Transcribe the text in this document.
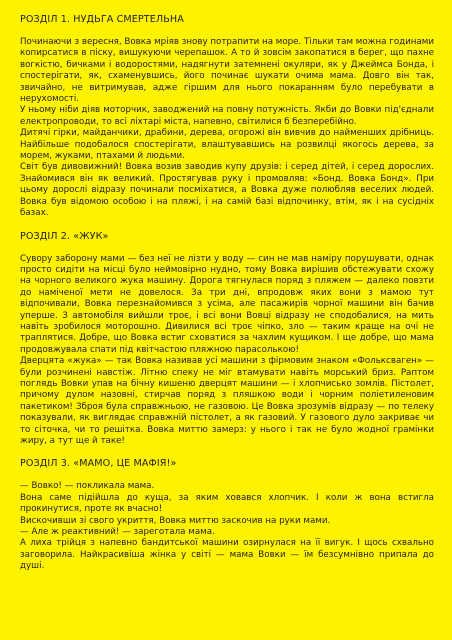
РОЗДІЛ 1. НУДЬГА СМЕРТЕЛЬНА

Починаючи з вересня, Вовка мріяв знову потрапити на море. Тільки там можна годинами копирсатися в піску, вишукуючи черепашок. А то й зовсім закопатися в берег, що пахне вогкістю, бичками і водоростями, надягнути затемнені окуляри, як у Джеймса Бонда, і спостерігати, як, схаменувшись, його починає шукати очима мама. Довго він так, звичайно, не витримував, адже гіршим для нього покаранням було перебувати в нерухомості.

У ньому ніби діяв моторчик, заводжений на повну потужність. Якби до Вовки під'єднали електропроводи, то всі ліхтарі міста, напевно, світилися б безперебійно.

Дитячі гірки, майданчики, драбини, дерева, огорожі він вивчив до найменших дрібниць. Найбільше подобалося спостерігати, влаштувавшись на розвилці якогось дерева, за морем, жуками, птахами й людьми.

Світ був дивовижний! Вовка возив заводив купу друзів: і серед дітей, і серед дорослих. Знайомився він як великий. Простягував руку і промовляв: «Бонд. Вовка Бонд». При цьому дорослі відразу починали посміхатися, а Вовка дуже полюбляв веселих людей. Вовка був відомою особою і на пляжі, і на самій базі відпочинку, втім, як і на сусідніх базах.

РОЗДІЛ 2. «ЖУК»

Сувору заборону мами — без неї не лізти у воду — син не мав наміру порушувати, однак просто сидіти на місці було неймовірно нудно, тому Вовка вирішив обстежувати схожу на чорного великого жука машину. Дорога тягнулася поряд з пляжем — далеко повзти до наміченої мети не довелося. За три дні, впродовж яких вони з мамою тут відпочивали, Вовка перезнайомився з усіма, але пасажирів чорної машини він бачив уперше. З автомобіля вийшли троє, і всі вони Вовці відразу не сподобалися, на мить навіть зробилося моторошно. Дивилися всі троє чіпко, зло — таким краще на очі не траплятися. Добре, що Вовка встиг сховатися за чахлим кущиком. І ще добре, що мама продовжувала спати під квітчастою пляжною парасолькою!

Дверцята «жука» — так Вовка називав усі машини з фірмовим знаком «Фольксваген» — були розчинені навстіж. Літню спеку не міг втамувати навіть морський бриз. Раптом поглядь Вовки упав на бічну кишеню дверцят машини — і хлопчисько зомлів. Пістолет, причому дулом назовні, стирчав поряд з пляшкою води і чорним поліетиленовим пакетиком! Зброя була справжньою, не газовою. Це Вовка зрозумів відразу — по телеку показували, як виглядає справжній пістолет, а як газовий. У газового дуло закриває чи то сіточка, чи то решітка. Вовка миттю замерз: у нього і так не було жодної грамінки жиру, а тут ще й таке!

РОЗДІЛ 3. «МАМО, ЦЕ МАФІЯ!»

— Вовко! — покликала мама.

Вона саме підійшла до куща, за яким ховався хлопчик. І коли ж вона встигла прокинутися, проте як вчасно!

Вискочивши зі свого укриття, Вовка миттю заскочив на руки мами.

— Але ж реактивний! — зареготала мама.

А лиха трійця з напевно бандитської машини озирнулася на її вигук. І щось схвально заговорила. Найкрасивіша жінка у світі — мама Вовки — їм безсумнівно припала до душі.
